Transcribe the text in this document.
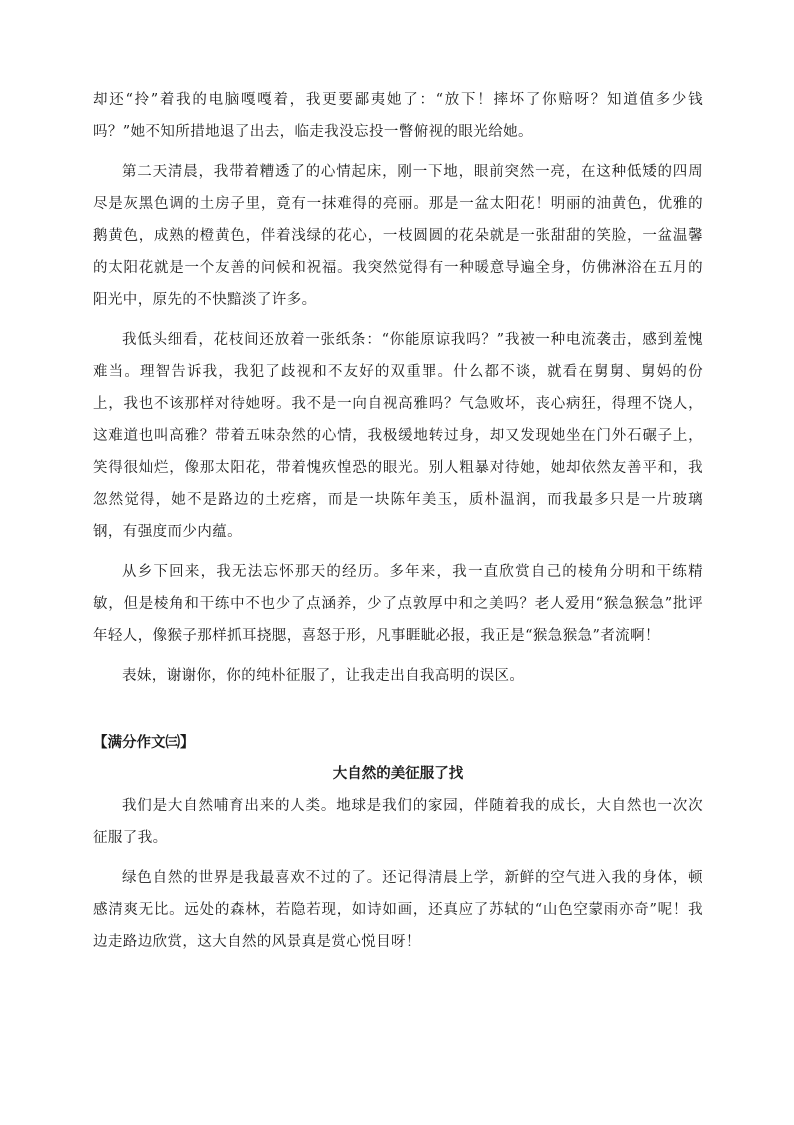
却还“拎”着我的电脑嘎嘎着，我更要鄙夷她了：“放下！摔坏了你赔呀？知道值多少钱吗？”她不知所措地退了出去，临走我没忘投一瞥俯视的眼光给她。

第二天清晨，我带着糟透了的心情起床，刚一下地，眼前突然一亮，在这种低矮的四周尽是灰黑色调的土房子里，竟有一抹难得的亮丽。那是一盆太阳花！明丽的油黄色，优雅的鹅黄色，成熟的橙黄色，伴着浅绿的花心，一枝圆圆的花朵就是一张甜甜的笑脸，一盆温馨的太阳花就是一个友善的问候和祝福。我突然觉得有一种暖意导遍全身，仿佛淋浴在五月的阳光中，原先的不快黯淡了许多。

我低头细看，花枝间还放着一张纸条：“你能原谅我吗？”我被一种电流袭击，感到羞愧难当。理智告诉我，我犯了歧视和不友好的双重罪。什么都不谈，就看在舅舅、舅妈的份上，我也不该那样对待她呀。我不是一向自视高雅吗？气急败坏，丧心病狂，得理不饶人，这难道也叫高雅？带着五味杂然的心情，我极缓地转过身，却又发现她坐在门外石碾子上，笑得很灿烂，像那太阳花，带着愧疚惶恐的眼光。别人粗暴对待她，她却依然友善平和，我忽然觉得，她不是路边的土疙瘩，而是一块陈年美玉，质朴温润，而我最多只是一片玻璃钢，有强度而少内蕴。

从乡下回来，我无法忘怀那天的经历。多年来，我一直欣赏自己的棱角分明和干练精敏，但是棱角和干练中不也少了点涵养，少了点敦厚中和之美吗？老人爱用“猴急猴急”批评年轻人，像猴子那样抓耳挠腮，喜怒于形，凡事睚眦必报，我正是“猴急猴急”者流啊！

表妹，谢谢你，你的纯朴征服了，让我走出自我高明的误区。

【满分作文㈢】
大自然的美征服了找

我们是大自然哺育出来的人类。地球是我们的家园，伴随着我的成长，大自然也一次次征服了我。

绿色自然的世界是我最喜欢不过的了。还记得清晨上学，新鲜的空气进入我的身体，顿感清爽无比。远处的森林，若隐若现，如诗如画，还真应了苏轼的“山色空蒙雨亦奇”呢！我边走路边欣赏，这大自然的风景真是赏心悦目呀！
